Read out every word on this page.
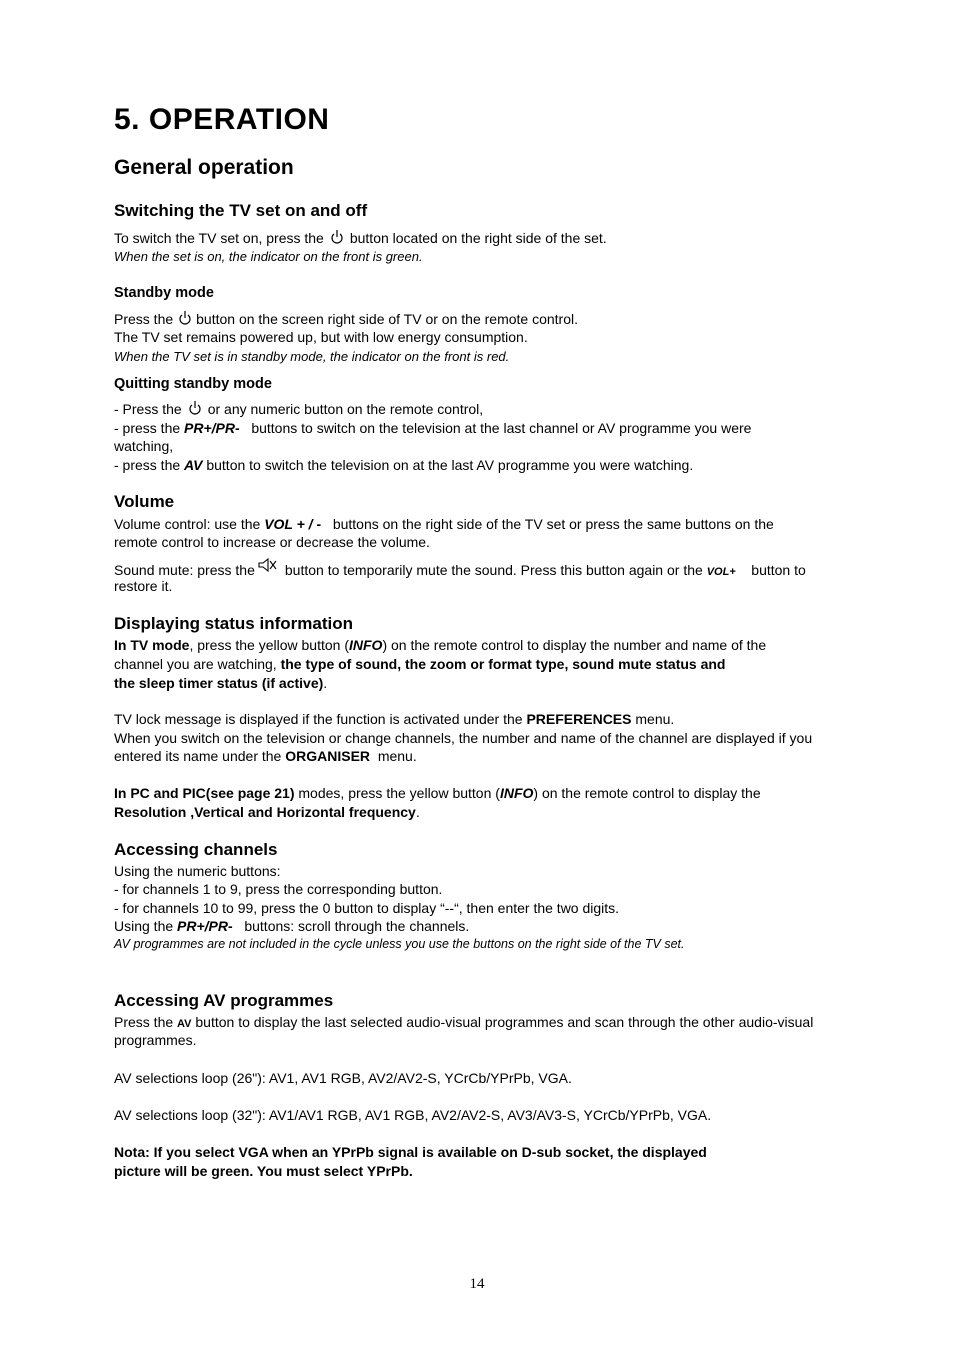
5. OPERATION
General operation
Switching the TV set on and off
To switch the TV set on, press the button located on the right side of the set.
When the set is on, the indicator on the front is green.
Standby mode
Press the button on the screen right side of TV or on the remote control.
The TV set remains powered up, but with low energy consumption.
When the TV set is in standby mode, the indicator on the front is red.
Quitting standby mode
- Press the or any numeric button on the remote control,
- press the PR+/PR- buttons to switch on the television at the last channel or AV programme you were
watching,
- press the AV button to switch the television on at the last AV programme you were watching.
Volume
Volume control: use the VOL + / - buttons on the right side of the TV set or press the same buttons on the
remote control to increase or decrease the volume.
Sound mute: press the button to temporarily mute the sound. Press this button again or the VOL+ button to
restore it.
Displaying status information
In TV mode, press the yellow button (INFO) on the remote control to display the number and name of the
channel you are watching, the type of sound, the zoom or format type, sound mute status and
the sleep timer status (if active).
TV lock message is displayed if the function is activated under the PREFERENCES menu.
When you switch on the television or change channels, the number and name of the channel are displayed if you
entered its name under the ORGANISER menu.
In PC and PIC(see page 21) modes, press the yellow button (INFO) on the remote control to display the
Resolution ,Vertical and Horizontal frequency.
Accessing channels
Using the numeric buttons:
- for channels 1 to 9, press the corresponding button.
- for channels 10 to 99, press the 0 button to display “--“, then enter the two digits.
Using the PR+/PR- buttons: scroll through the channels.
AV programmes are not included in the cycle unless you use the buttons on the right side of the TV set.
Accessing AV programmes
Press the AV button to display the last selected audio-visual programmes and scan through the other audio-visual
programmes.
AV selections loop (26"): AV1, AV1 RGB, AV2/AV2-S, YCrCb/YPrPb, VGA.
AV selections loop (32"): AV1/AV1 RGB, AV1 RGB, AV2/AV2-S, AV3/AV3-S, YCrCb/YPrPb, VGA.
Nota: If you select VGA when an YPrPb signal is available on D-sub socket, the displayed
picture will be green. You must select YPrPb.
14
